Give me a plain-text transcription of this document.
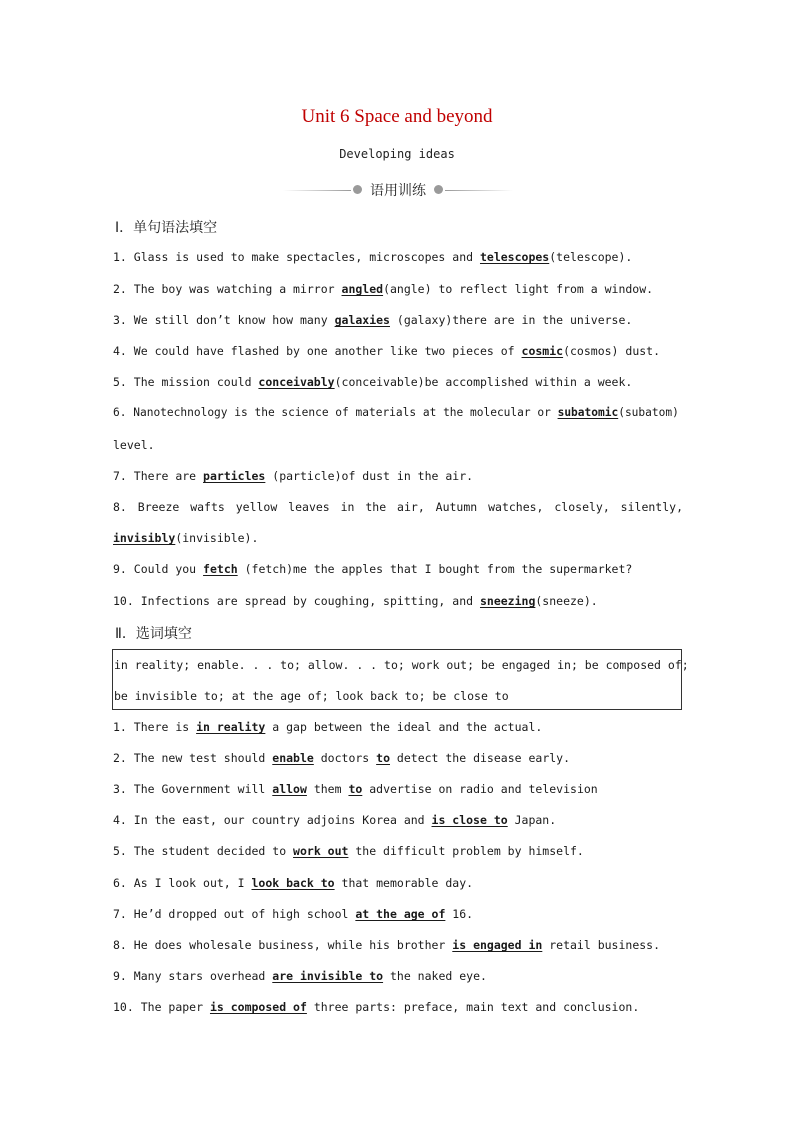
Unit 6 Space and beyond
Developing ideas
语用训练
Ⅰ．单句语法填空
1. Glass is used to make spectacles, microscopes and telescopes(telescope).
2. The boy was watching a mirror angled(angle) to reflect light from a window.
3. We still don’t know how many galaxies (galaxy)there are in the universe.
4. We could have flashed by one another like two pieces of cosmic(cosmos) dust.
5. The mission could conceivably(conceivable)be accomplished within a week.
6. Nanotechnology is the science of materials at the molecular or subatomic(subatom)
level.
7. There are particles (particle)of dust in the air.
8. Breeze wafts yellow leaves in the air, Autumn watches, closely, silently,
invisibly(invisible).
9. Could you fetch (fetch)me the apples that I bought from the supermarket?
10. Infections are spread by coughing, spitting, and sneezing(sneeze).
Ⅱ．选词填空
in reality; enable. . . to; allow. . . to; work out; be engaged in; be composed of;
be invisible to; at the age of; look back to; be close to
1. There is in reality a gap between the ideal and the actual.
2. The new test should enable doctors to detect the disease early.
3. The Government will allow them to advertise on radio and television
4. In the east, our country adjoins Korea and is close to Japan.
5. The student decided to work out the difficult problem by himself.
6. As I look out, I look back to that memorable day.
7. He’d dropped out of high school at the age of 16.
8. He does wholesale business, while his brother is engaged in retail business.
9. Many stars overhead are invisible to the naked eye.
10. The paper is composed of three parts: preface, main text and conclusion.
